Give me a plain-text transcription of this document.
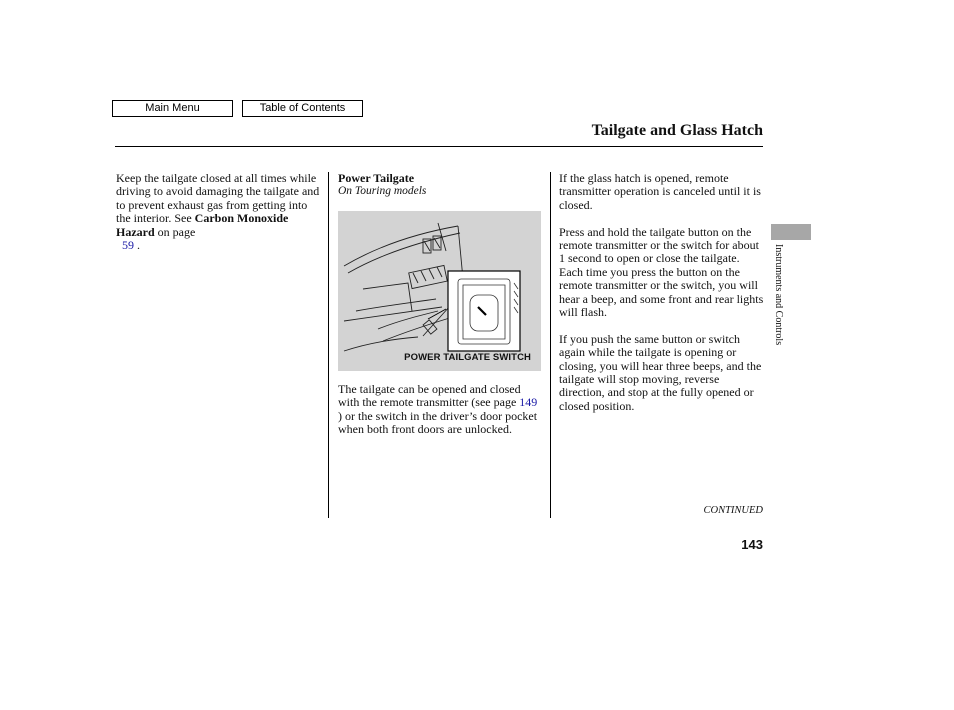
Main Menu	Table of Contents
Tailgate and Glass Hatch
Instruments and Controls

Keep the tailgate closed at all times while driving to avoid damaging the tailgate and to prevent exhaust gas from getting into the interior. See Carbon Monoxide Hazard on page
59 .

Power Tailgate
On Touring models
POWER TAILGATE SWITCH

The tailgate can be opened and closed with the remote transmitter (see page 149 ) or the switch in the driver’s door pocket when both front doors are unlocked.

If the glass hatch is opened, remote transmitter operation is canceled until it is closed.

Press and hold the tailgate button on the remote transmitter or the switch for about 1 second to open or close the tailgate. Each time you press the button on the remote transmitter or the switch, you will hear a beep, and some front and rear lights will flash.

If you push the same button or switch again while the tailgate is opening or closing, you will hear three beeps, and the tailgate will stop moving, reverse direction, and stop at the fully opened or closed position.

CONTINUED
143
